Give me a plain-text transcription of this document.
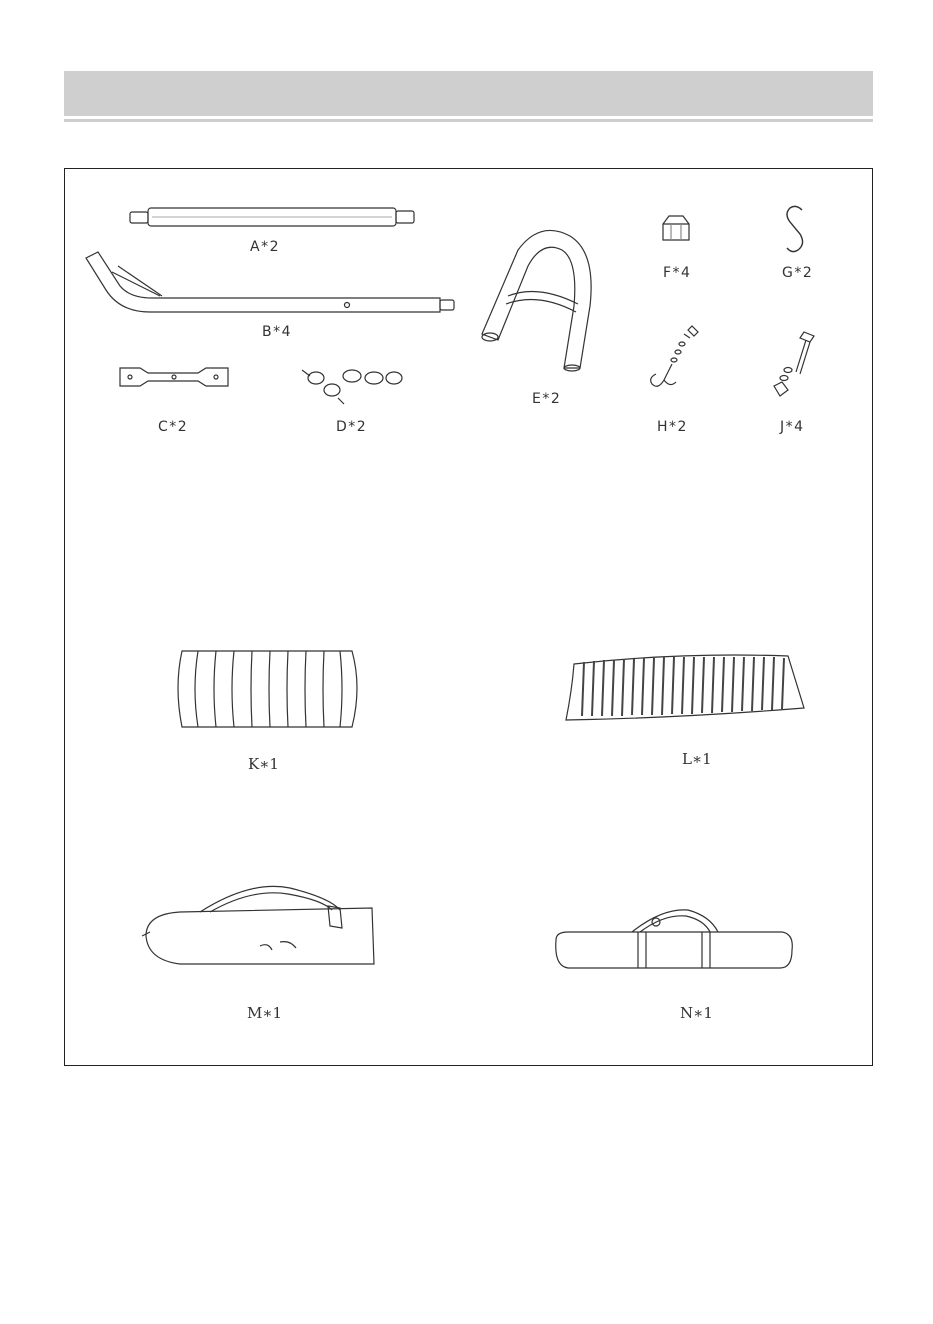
A*2
B*4
C*2	D*2
E*2
F*4	G*2
H*2	J*4
K∗1	L∗1
M∗1	N∗1
